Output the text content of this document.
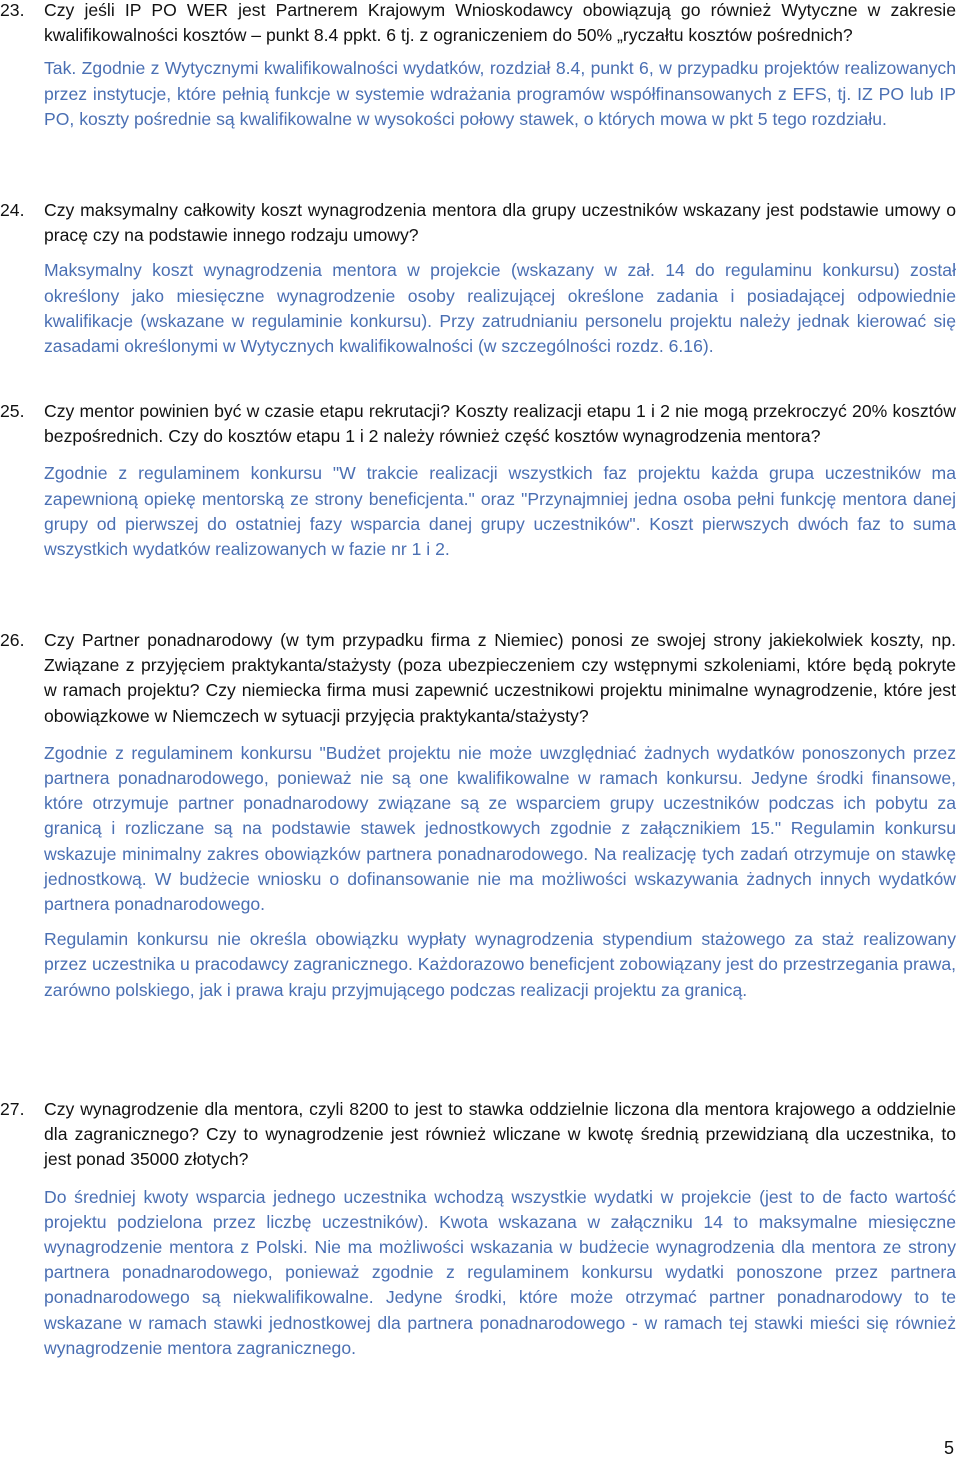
23. Czy jeśli IP PO WER jest Partnerem Krajowym Wnioskodawcy obowiązują go również Wytyczne w zakresie kwalifikowalności kosztów – punkt 8.4 ppkt. 6 tj. z ograniczeniem do 50% „ryczałtu kosztów pośrednich?

Tak. Zgodnie z Wytycznymi kwalifikowalności wydatków, rozdział 8.4, punkt 6, w przypadku projektów realizowanych przez instytucje, które pełnią funkcje w systemie wdrażania programów współfinansowanych z EFS, tj. IZ PO lub IP PO, koszty pośrednie są kwalifikowalne w wysokości połowy stawek, o których mowa w pkt 5 tego rozdziału.

24. Czy maksymalny całkowity koszt wynagrodzenia mentora dla grupy uczestników wskazany jest podstawie umowy o pracę czy na podstawie innego rodzaju umowy?

Maksymalny koszt wynagrodzenia mentora w projekcie (wskazany w zał. 14 do regulaminu konkursu) został określony jako miesięczne wynagrodzenie osoby realizującej określone zadania i posiadającej odpowiednie kwalifikacje (wskazane w regulaminie konkursu). Przy zatrudnianiu personelu projektu należy jednak kierować się zasadami określonymi w Wytycznych kwalifikowalności (w szczególności rozdz. 6.16).

25. Czy mentor powinien być w czasie etapu rekrutacji? Koszty realizacji etapu 1 i 2 nie mogą przekroczyć 20% kosztów bezpośrednich. Czy do kosztów etapu 1 i 2 należy również część kosztów wynagrodzenia mentora?

Zgodnie z regulaminem konkursu "W trakcie realizacji wszystkich faz projektu każda grupa uczestników ma zapewnioną opiekę mentorską ze strony beneficjenta." oraz "Przynajmniej jedna osoba pełni funkcję mentora danej grupy od pierwszej do ostatniej fazy wsparcia danej grupy uczestników". Koszt pierwszych dwóch faz to suma wszystkich wydatków realizowanych w fazie nr 1 i 2.

26. Czy Partner ponadnarodowy (w tym przypadku firma z Niemiec) ponosi ze swojej strony jakiekolwiek koszty, np. Związane z przyjęciem praktykanta/stażysty (poza ubezpieczeniem czy wstępnymi szkoleniami, które będą pokryte w ramach projektu? Czy niemiecka firma musi zapewnić uczestnikowi projektu minimalne wynagrodzenie, które jest obowiązkowe w Niemczech w sytuacji przyjęcia praktykanta/stażysty?

Zgodnie z regulaminem konkursu "Budżet projektu nie może uwzględniać żadnych wydatków ponoszonych przez partnera ponadnarodowego, ponieważ nie są one kwalifikowalne w ramach konkursu. Jedyne środki finansowe, które otrzymuje partner ponadnarodowy związane są ze wsparciem grupy uczestników podczas ich pobytu za granicą i rozliczane są na podstawie stawek jednostkowych zgodnie z załącznikiem 15." Regulamin konkursu wskazuje minimalny zakres obowiązków partnera ponadnarodowego. Na realizację tych zadań otrzymuje on stawkę jednostkową. W budżecie wniosku o dofinansowanie nie ma możliwości wskazywania żadnych innych wydatków partnera ponadnarodowego.

Regulamin konkursu nie określa obowiązku wypłaty wynagrodzenia stypendium stażowego za staż realizowany przez uczestnika u pracodawcy zagranicznego. Każdorazowo beneficjent zobowiązany jest do przestrzegania prawa, zarówno polskiego, jak i prawa kraju przyjmującego podczas realizacji projektu za granicą.

27. Czy wynagrodzenie dla mentora, czyli 8200 to jest to stawka oddzielnie liczona dla mentora krajowego a oddzielnie dla zagranicznego? Czy to wynagrodzenie jest również wliczane w kwotę średnią przewidzianą dla uczestnika, to jest ponad 35000 złotych?

Do średniej kwoty wsparcia jednego uczestnika wchodzą wszystkie wydatki w projekcie (jest to de facto wartość projektu podzielona przez liczbę uczestników). Kwota wskazana w załączniku 14 to maksymalne miesięczne wynagrodzenie mentora z Polski. Nie ma możliwości wskazania w budżecie wynagrodzenia dla mentora ze strony partnera ponadnarodowego, ponieważ zgodnie z regulaminem konkursu wydatki ponoszone przez partnera ponadnarodowego są niekwalifikowalne. Jedyne środki, które może otrzymać partner ponadnarodowy to te wskazane w ramach stawki jednostkowej dla partnera ponadnarodowego - w ramach tej stawki mieści się również wynagrodzenie mentora zagranicznego.

5
